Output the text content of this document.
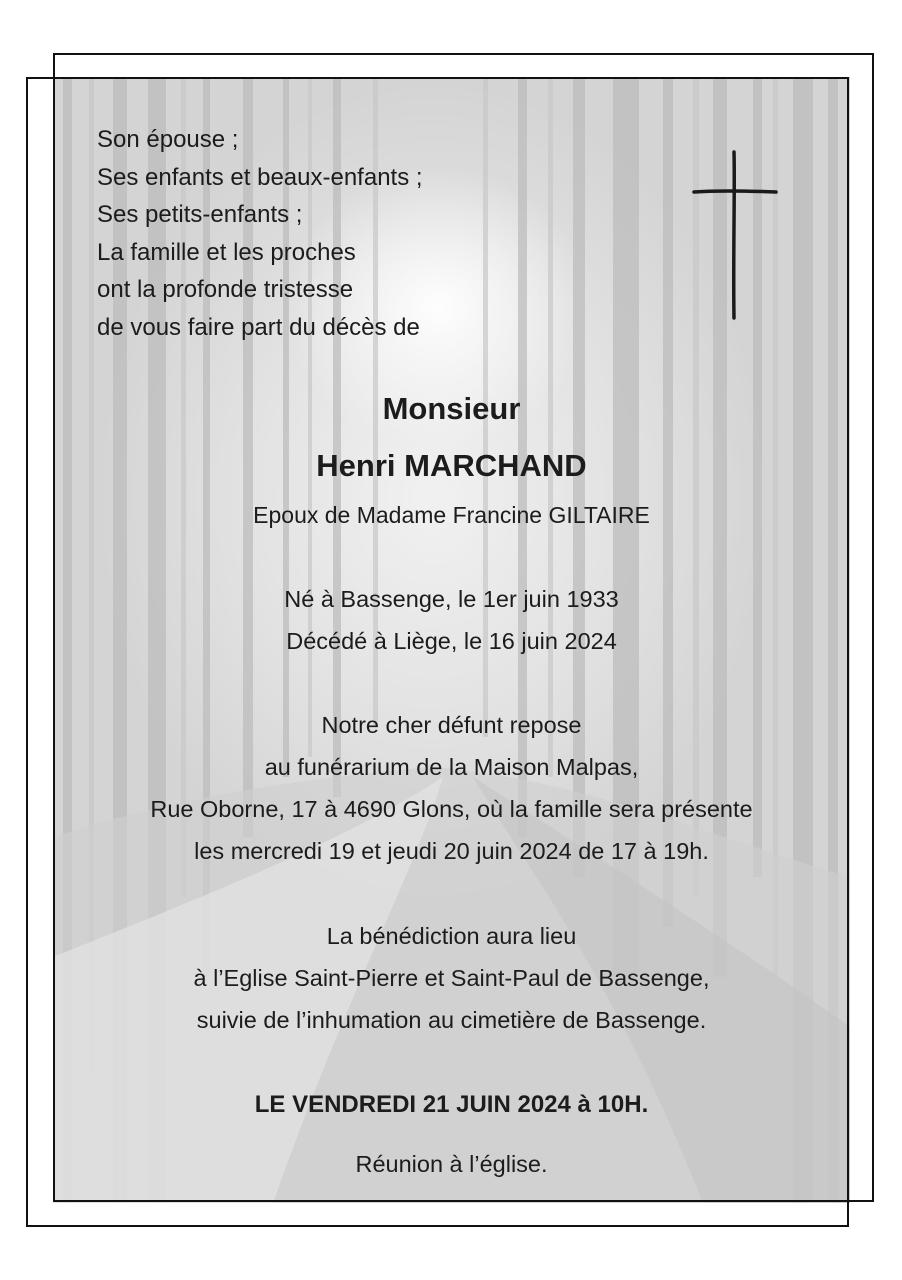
Son épouse ;
Ses enfants et beaux-enfants ;
Ses petits-enfants ;
La famille et les proches
ont la profonde tristesse
de vous faire part du décès de
Monsieur
Henri MARCHAND
Epoux de Madame Francine GILTAIRE
Né à Bassenge, le 1er juin 1933
Décédé à Liège, le 16 juin 2024
Notre cher défunt repose
au funérarium de la Maison Malpas,
Rue Oborne, 17 à 4690 Glons, où la famille sera présente
les mercredi 19 et jeudi 20 juin 2024 de 17 à 19h.
La bénédiction aura lieu
à l’Eglise Saint-Pierre et Saint-Paul de Bassenge,
suivie de l’inhumation au cimetière de Bassenge.
LE VENDREDI 21 JUIN 2024 à 10H.
Réunion à l’église.
